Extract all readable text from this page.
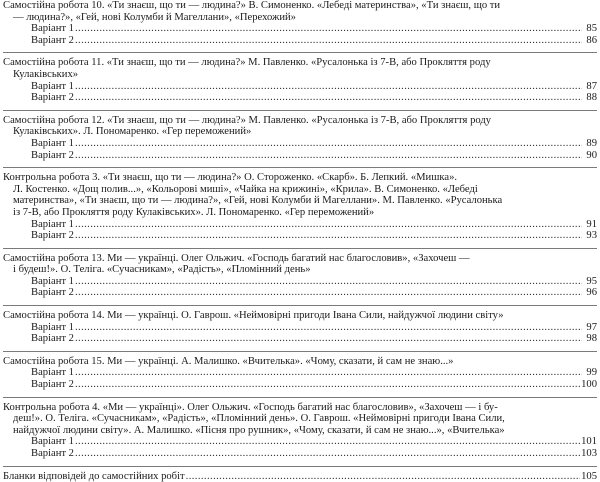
Самостійна робота 10. «Ти знаєш, що ти — людина?» В. Симоненко. «Лебеді материнства», «Ти знаєш, що ти
— людина?», «Гей, нові Колумби й Магеллани», «Перехожий»
Варіант 1 .....	85
Варіант 2 .....	86
Самостійна робота 11. «Ти знаєш, що ти — людина?» М. Павленко. «Русалонька із 7-В, або Прокляття роду
Кулаківських»
Варіант 1 .....	87
Варіант 2 .....	88
Самостійна робота 12. «Ти знаєш, що ти — людина?» М. Павленко. «Русалонька із 7-В, або Прокляття роду
Кулаківських». Л. Пономаренко. «Гер переможений»
Варіант 1 .....	89
Варіант 2 .....	90
Контрольна робота 3. «Ти знаєш, що ти — людина?» О. Стороженко. «Скарб». Б. Лепкий. «Мишка».
Л. Костенко. «Дощ полив...», «Кольорові миші», «Чайка на крижині», «Крила». В. Симоненко. «Лебеді
материнства», «Ти знаєш, що ти — людина?», «Гей, нові Колумби й Магеллани». М. Павленко. «Русалонька
із 7-В, або Прокляття роду Кулаківських». Л. Пономаренко. «Гер переможений»
Варіант 1 .....	91
Варіант 2 .....	93
Самостійна робота 13. Ми — українці. Олег Ольжич. «Господь багатий нас благословив», «Захочеш —
і будеш!». О. Теліга. «Сучасникам», «Радість», «Пломінний день»
Варіант 1 .....	95
Варіант 2 .....	96
Самостійна робота 14. Ми — українці. О. Гаврош. «Неймовірні пригоди Івана Сили, найдужчої людини світу»
Варіант 1 .....	97
Варіант 2 .....	98
Самостійна робота 15. Ми — українці. А. Малишко. «Вчителька». «Чому, сказати, й сам не знаю...»
Варіант 1 .....	99
Варіант 2 .....	100
Контрольна робота 4. «Ми — українці». Олег Ольжич. «Господь багатий нас благословив», «Захочеш — і бу-
деш!». О. Теліга. «Сучасникам», «Радість», «Пломінний день». О. Гаврош. «Неймовірні пригоди Івана Сили,
найдужчої людини світу». А. Малишко. «Пісня про рушник», «Чому, сказати, й сам не знаю...», «Вчителька»
Варіант 1 .....	101
Варіант 2 .....	103
Бланки відповідей до самостійних робіт .....	105
